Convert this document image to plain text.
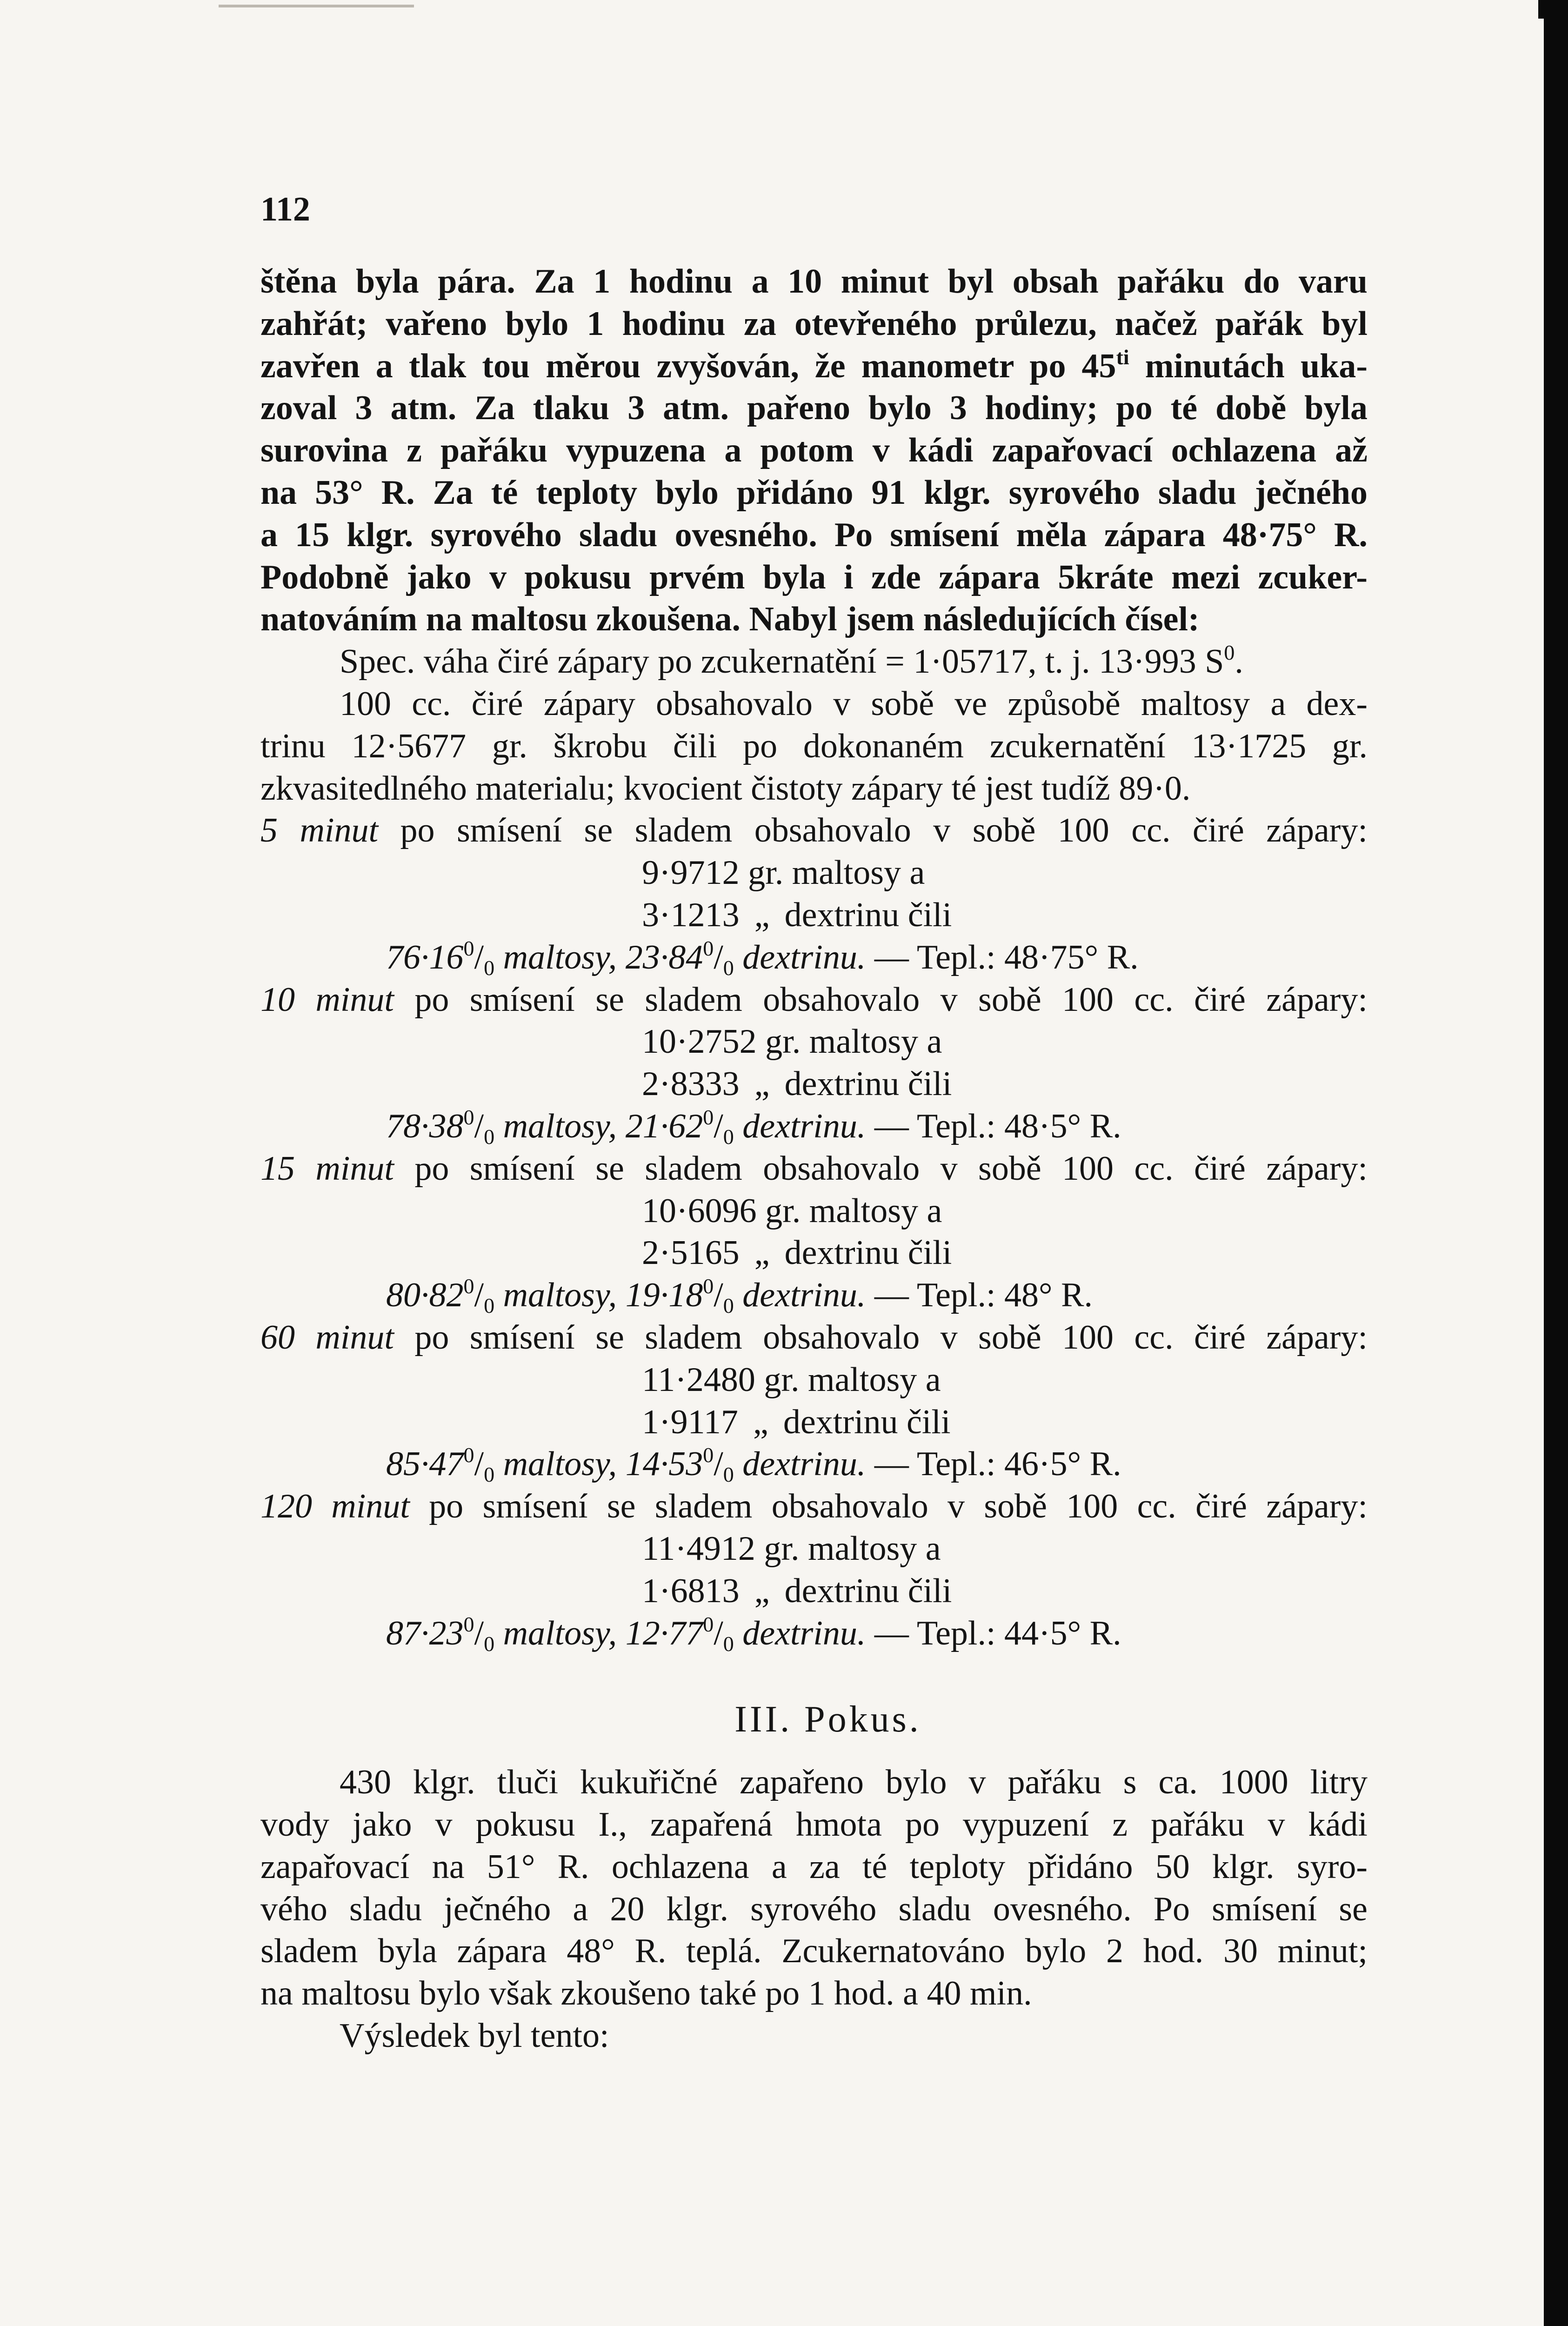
112
štěna byla pára. Za 1 hodinu a 10 minut byl obsah pařáku do varu
zahřát; vařeno bylo 1 hodinu za otevřeného průlezu, načež pařák byl
zavřen a tlak tou měrou zvyšován, že manometr po $45^{ti}$ minutách uka-
zoval 3 atm. Za tlaku 3 atm. pařeno bylo 3 hodiny; po té době byla
surovina z pařáku vypuzena a potom v kádi zapařovací ochlazena až
na 53° R. Za té teploty bylo přidáno 91 klgr. syrového sladu ječného
a 15 klgr. syrového sladu ovesného. Po smísení měla zápara 48·75° R.
Podobně jako v pokusu prvém byla i zde zápara 5kráte mezi zcuker-
natováním na maltosu zkoušena. Nabyl jsem následujících čísel:
Spec. váha čiré zápary po zcukernatění = 1·05717, t. j. 13·993 $S^0$.
100 cc. čiré zápary obsahovalo v sobě ve způsobě maltosy a dex-
trinu 12·5677 gr. škrobu čili po dokonaném zcukernatění 13·1725 gr.
zkvasitedlného materialu; kvocient čistoty zápary té jest tudíž 89·0.
5 minut po smísení se sladem obsahovalo v sobě 100 cc. čiré zápary:
9·9712 gr. maltosy a
3·1213 „ dextrinu čili
$76\cdot 16^0/_0$ maltosy, $23\cdot 84^0/_0$ dextrinu. — Tepl.: 48·75° R.
10 minut po smísení se sladem obsahovalo v sobě 100 cc. čiré zápary:
10·2752 gr. maltosy a
2·8333 „ dextrinu čili
$78\cdot 38^0/_0$ maltosy, $21\cdot 62^0/_0$ dextrinu. — Tepl.: 48·5° R.
15 minut po smísení se sladem obsahovalo v sobě 100 cc. čiré zápary:
10·6096 gr. maltosy a
2·5165 „ dextrinu čili
$80\cdot 82^0/_0$ maltosy, $19\cdot 18^0/_0$ dextrinu. — Tepl.: 48° R.
60 minut po smísení se sladem obsahovalo v sobě 100 cc. čiré zápary:
11·2480 gr. maltosy a
1·9117 „ dextrinu čili
$85\cdot 47^0/_0$ maltosy, $14\cdot 53^0/_0$ dextrinu. — Tepl.: 46·5° R.
120 minut po smísení se sladem obsahovalo v sobě 100 cc. čiré zápary:
11·4912 gr. maltosy a
1·6813 „ dextrinu čili
$87\cdot 23^0/_0$ maltosy, $12\cdot 77^0/_0$ dextrinu. — Tepl.: 44·5° R.
III. Pokus.
430 klgr. tluči kukuřičné zapařeno bylo v pařáku s ca. 1000 litry
vody jako v pokusu I., zapařená hmota po vypuzení z pařáku v kádi
zapařovací na 51° R. ochlazena a za té teploty přidáno 50 klgr. syro-
vého sladu ječného a 20 klgr. syrového sladu ovesného. Po smísení se
sladem byla zápara 48° R. teplá. Zcukernatováno bylo 2 hod. 30 minut;
na maltosu bylo však zkoušeno také po 1 hod. a 40 min.
Výsledek byl tento:
